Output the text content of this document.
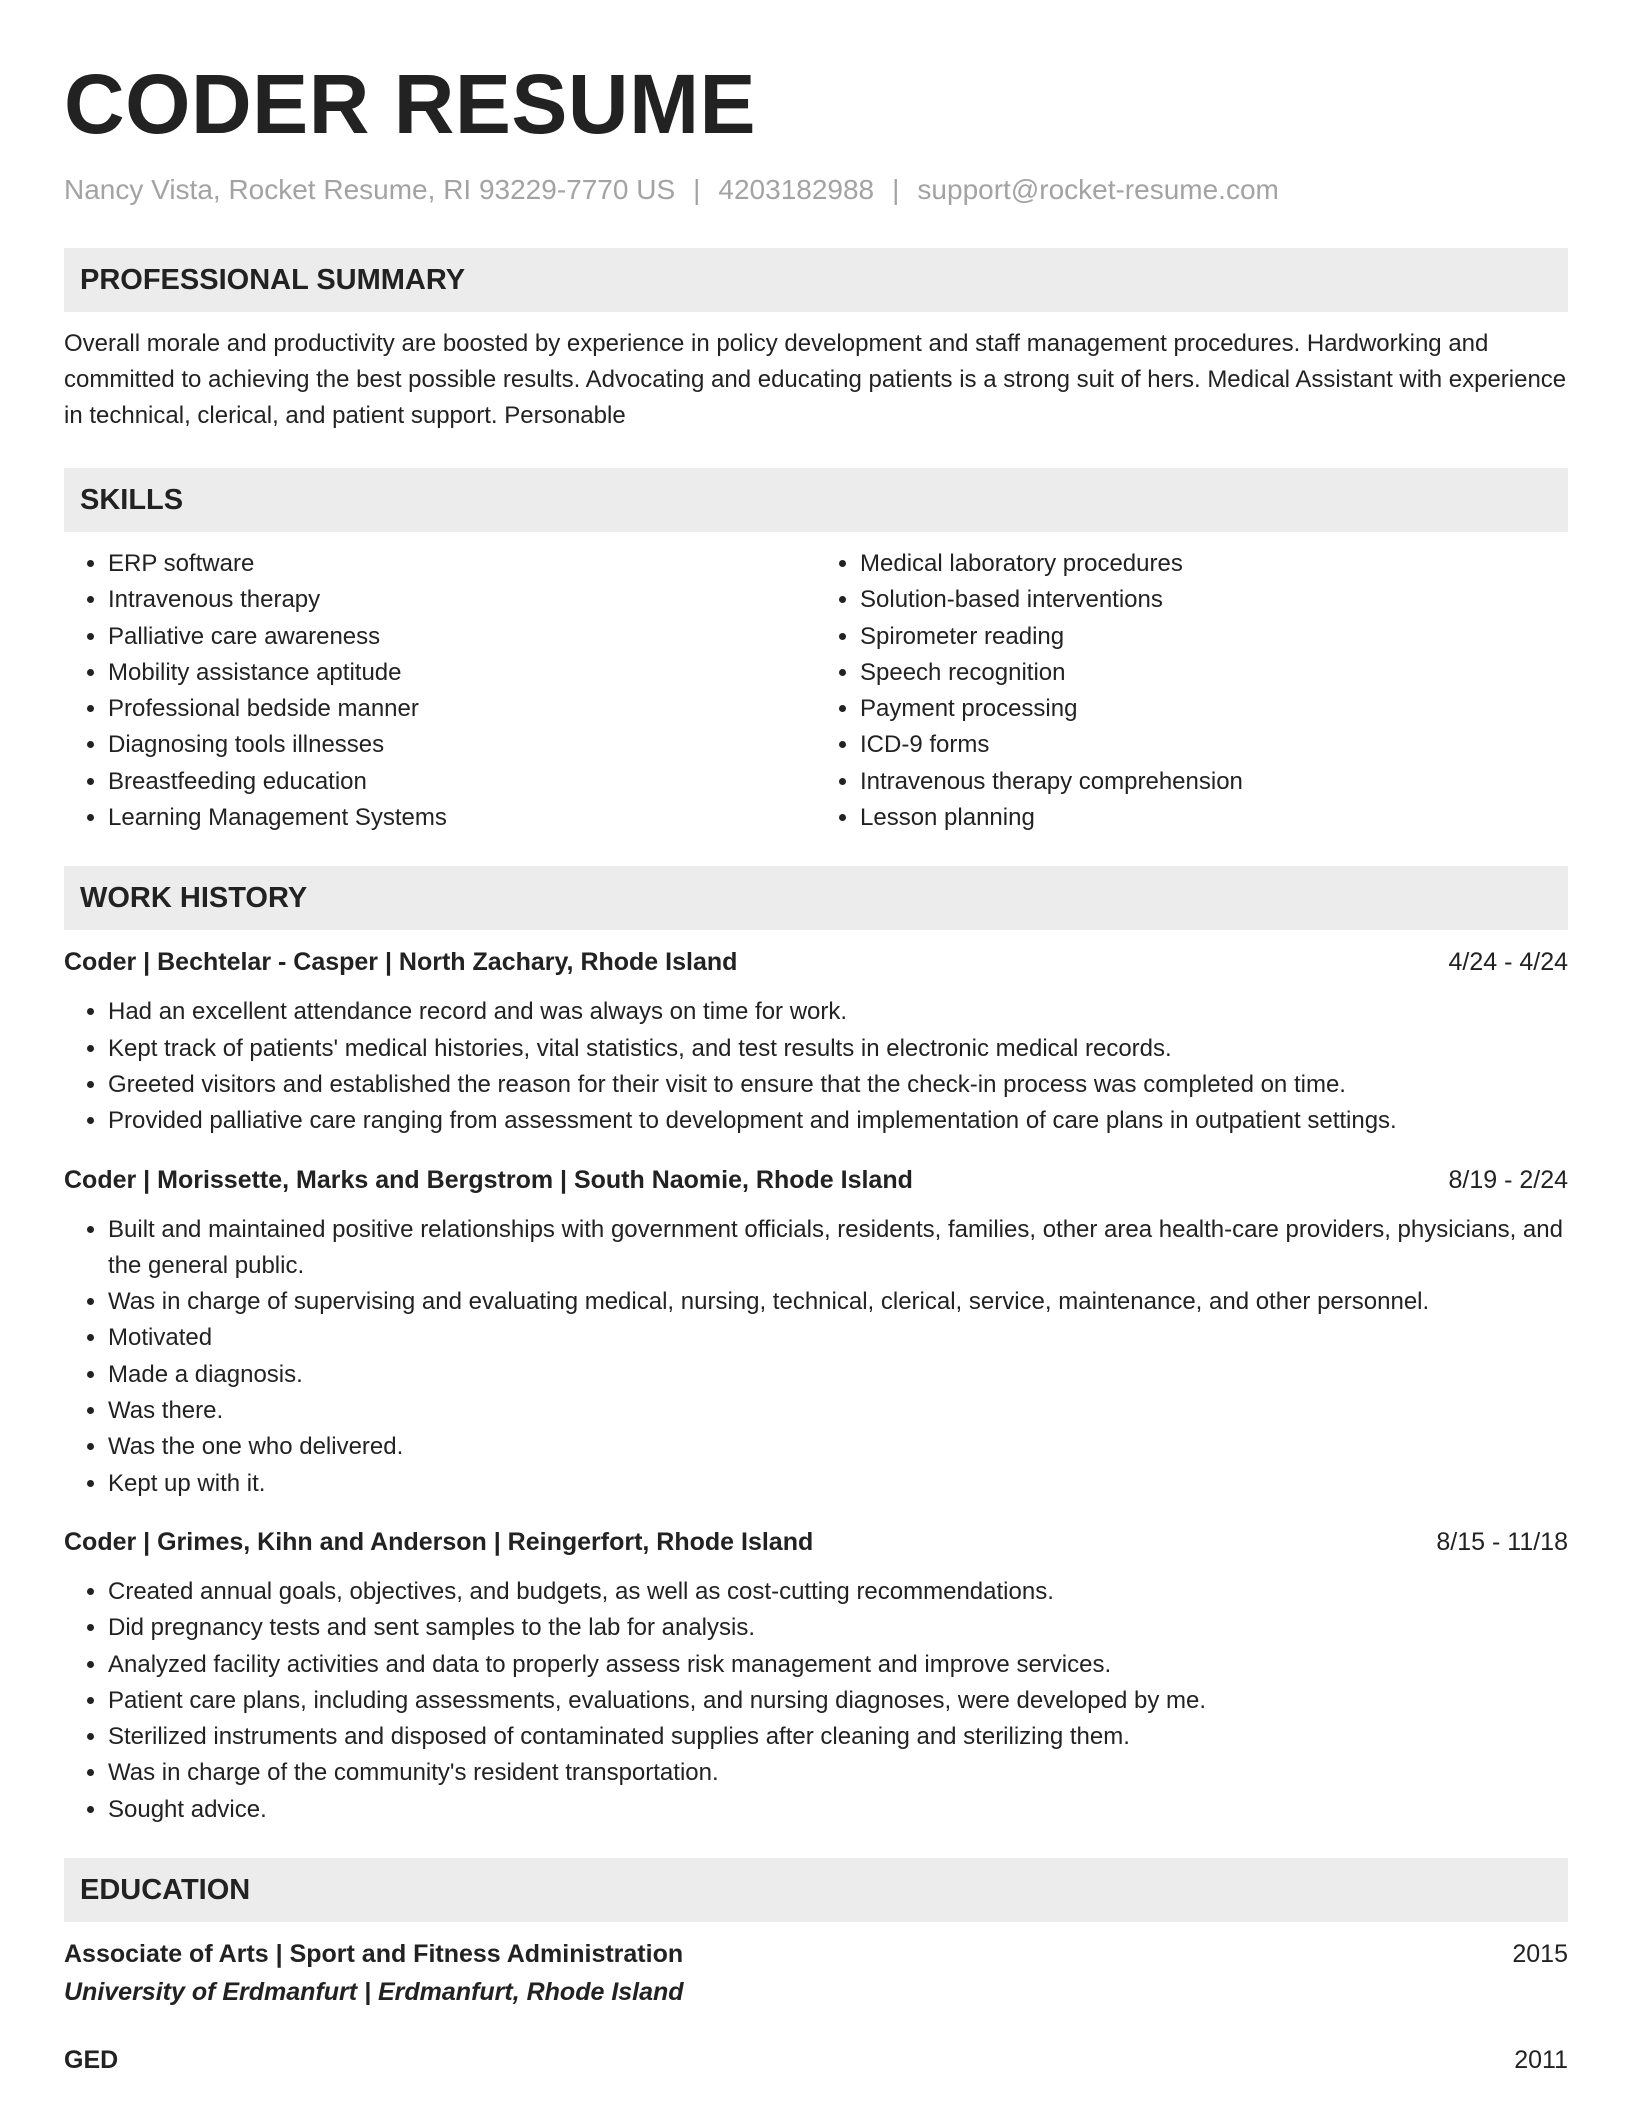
CODER RESUME
Nancy Vista, Rocket Resume, RI 93229-7770 US | 4203182988 | support@rocket-resume.com
PROFESSIONAL SUMMARY
Overall morale and productivity are boosted by experience in policy development and staff management procedures. Hardworking and committed to achieving the best possible results. Advocating and educating patients is a strong suit of hers. Medical Assistant with experience in technical, clerical, and patient support. Personable
SKILLS
• ERP software
• Intravenous therapy
• Palliative care awareness
• Mobility assistance aptitude
• Professional bedside manner
• Diagnosing tools illnesses
• Breastfeeding education
• Learning Management Systems
• Medical laboratory procedures
• Solution-based interventions
• Spirometer reading
• Speech recognition
• Payment processing
• ICD-9 forms
• Intravenous therapy comprehension
• Lesson planning
WORK HISTORY
Coder | Bechtelar - Casper | North Zachary, Rhode Island	4/24 - 4/24
• Had an excellent attendance record and was always on time for work.
• Kept track of patients' medical histories, vital statistics, and test results in electronic medical records.
• Greeted visitors and established the reason for their visit to ensure that the check-in process was completed on time.
• Provided palliative care ranging from assessment to development and implementation of care plans in outpatient settings.
Coder | Morissette, Marks and Bergstrom | South Naomie, Rhode Island	8/19 - 2/24
• Built and maintained positive relationships with government officials, residents, families, other area health-care providers, physicians, and the general public.
• Was in charge of supervising and evaluating medical, nursing, technical, clerical, service, maintenance, and other personnel.
• Motivated
• Made a diagnosis.
• Was there.
• Was the one who delivered.
• Kept up with it.
Coder | Grimes, Kihn and Anderson | Reingerfort, Rhode Island	8/15 - 11/18
• Created annual goals, objectives, and budgets, as well as cost-cutting recommendations.
• Did pregnancy tests and sent samples to the lab for analysis.
• Analyzed facility activities and data to properly assess risk management and improve services.
• Patient care plans, including assessments, evaluations, and nursing diagnoses, were developed by me.
• Sterilized instruments and disposed of contaminated supplies after cleaning and sterilizing them.
• Was in charge of the community's resident transportation.
• Sought advice.
EDUCATION
Associate of Arts | Sport and Fitness Administration	2015
University of Erdmanfurt | Erdmanfurt, Rhode Island
GED	2011
